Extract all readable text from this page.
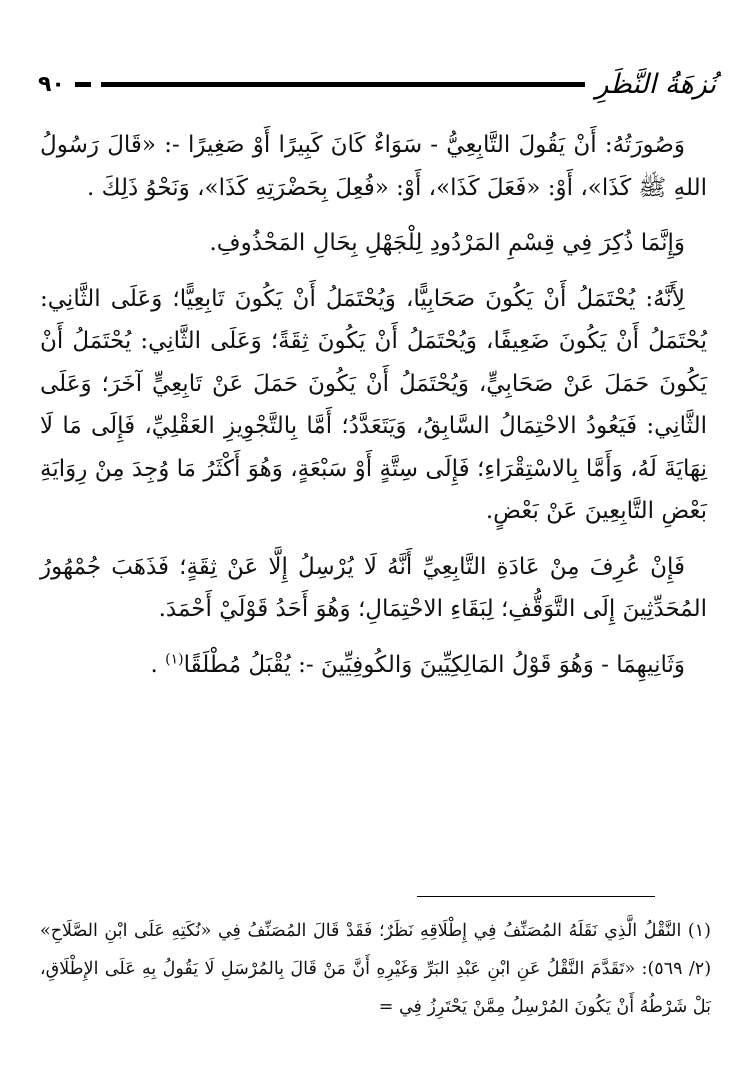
٩٠	نُزهَةُ النَّظَرِ

وَصُورَتُهُ: أَنْ يَقُولَ التَّابِعِيُّ - سَوَاءٌ كَانَ كَبِيرًا أَوْ صَغِيرًا -: «قَالَ رَسُولُ اللهِ ﷺ كَذَا»، أَوْ: «فَعَلَ كَذَا»، أَوْ: «فُعِلَ بِحَضْرَتِهِ كَذَا»، وَنَحْوُ ذَلِكَ .

وَإِنَّمَا ذُكِرَ فِي قِسْمِ المَرْدُودِ لِلْجَهْلِ بِحَالِ المَحْذُوفِ.

لِأَنَّهُ: يُحْتَمَلُ أَنْ يَكُونَ صَحَابِيًّا، وَيُحْتَمَلُ أَنْ يَكُونَ تَابِعِيًّا؛ وَعَلَى الثَّانِي: يُحْتَمَلُ أَنْ يَكُونَ ضَعِيفًا، وَيُحْتَمَلُ أَنْ يَكُونَ ثِقَةً؛ وَعَلَى الثَّانِي: يُحْتَمَلُ أَنْ يَكُونَ حَمَلَ عَنْ صَحَابِيٍّ، وَيُحْتَمَلُ أَنْ يَكُونَ حَمَلَ عَنْ تَابِعِيٍّ آخَرَ؛ وَعَلَى الثَّانِي: فَيَعُودُ الاحْتِمَالُ السَّابِقُ، وَيَتَعَدَّدُ؛ أَمَّا بِالتَّجْوِيزِ العَقْلِيِّ، فَإِلَى مَا لَا نِهَايَةَ لَهُ، وَأَمَّا بِالاسْتِقْرَاءِ؛ فَإِلَى سِتَّةٍ أَوْ سَبْعَةٍ، وَهُوَ أَكْثَرُ مَا وُجِدَ مِنْ رِوَايَةِ بَعْضِ التَّابِعِينَ عَنْ بَعْضٍ.

فَإِنْ عُرِفَ مِنْ عَادَةِ التَّابِعِيِّ أَنَّهُ لَا يُرْسِلُ إِلَّا عَنْ ثِقَةٍ؛ فَذَهَبَ جُمْهُورُ المُحَدِّثِينَ إِلَى التَّوَقُّفِ؛ لِبَقَاءِ الاحْتِمَالِ؛ وَهُوَ أَحَدُ قَوْلَيْ أَحْمَدَ.

وَثَانِيهِمَا - وَهُوَ قَوْلُ المَالِكِيِّينَ وَالكُوفِيِّينَ -: يُقْبَلُ مُطْلَقًا$^{(١)}$ .

(١) النَّقْلُ الَّذِي نَقَلَهُ المُصَنِّفُ فِي إِطْلَاقِهِ نَظَرٌ؛ فَقَدْ قَالَ المُصَنِّفُ فِي «نُكَتِهِ عَلَى ابْنِ الصَّلَاحِ» (٢/ ٥٦٩): «تَقَدَّمَ النَّقْلُ عَنِ ابْنِ عَبْدِ البَرِّ وَغَيْرِهِ أَنَّ مَنْ قَالَ بِالمُرْسَلِ لَا يَقُولُ بِهِ عَلَى الإِطْلَاقِ، بَلْ شَرْطُهُ أَنْ يَكُونَ المُرْسِلُ مِمَّنْ يَحْتَرِزُ فِي =
